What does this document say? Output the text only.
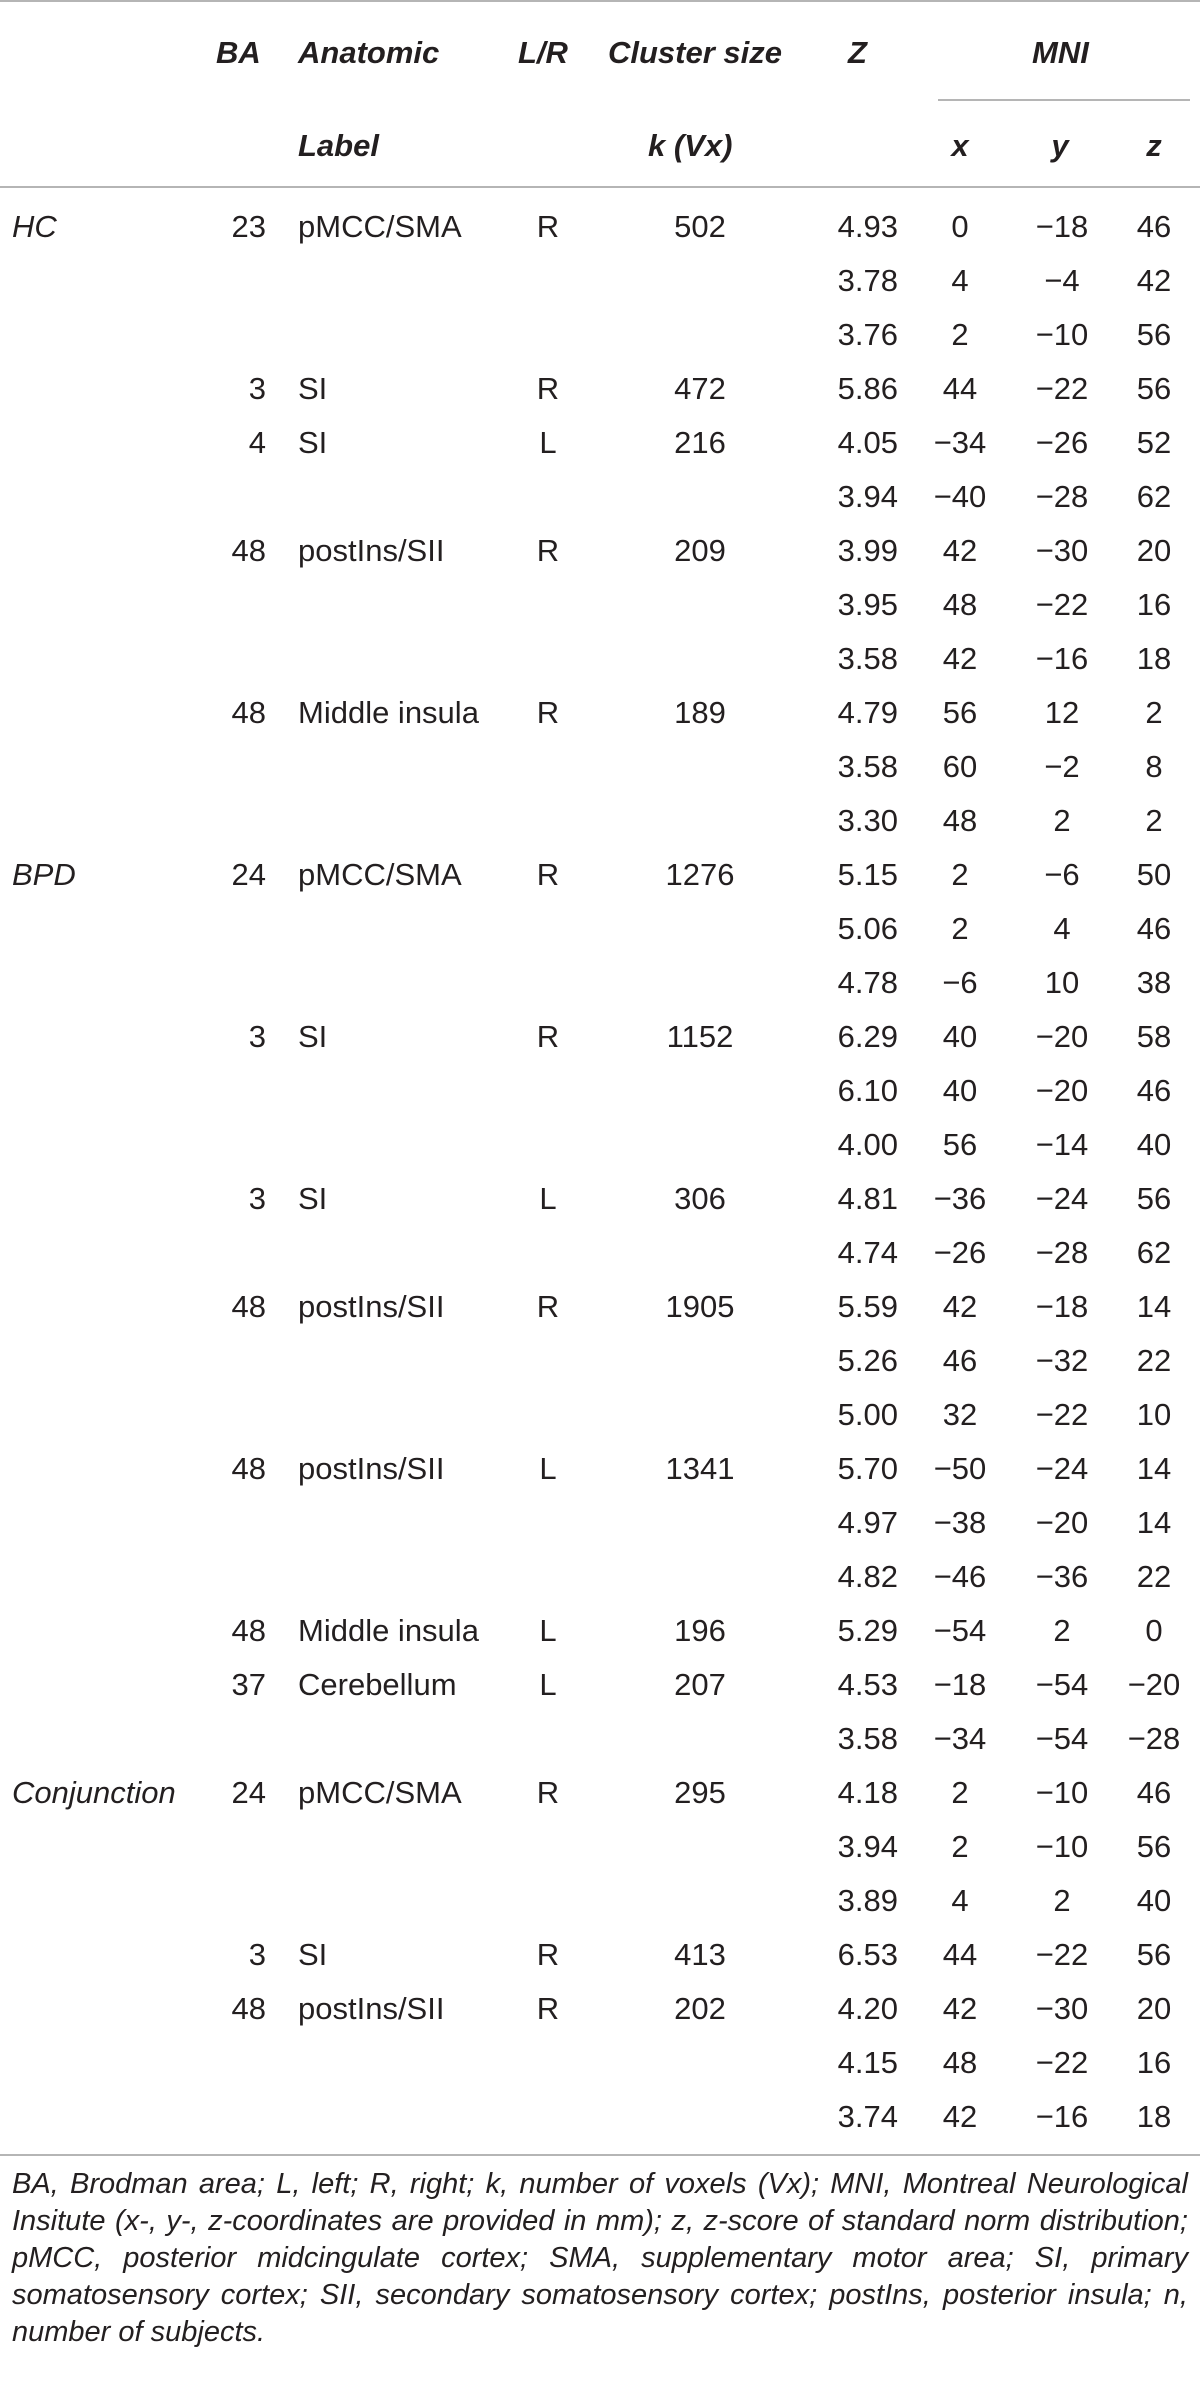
BA Anatomic	L/R Cluster size Z	MNI
Label	k (Vx)	x	y	z
HC	23 pMCC/SMA	R	502	4.93	0	−18	46
3.78	4	−4	42
3.76	2	−10	56
3 SI	R	472	5.86	44	−22	56
4 SI	L	216	4.05	−34	−26	52
3.94	−40	−28	62
48 postIns/SII	R	209	3.99	42	−30	20
3.95	48	−22	16
3.58	42	−16	18
48 Middle insula	R	189	4.79	56	12	2
3.58	60	−2	8
3.30	48	2	2
BPD	24 pMCC/SMA	R	1276	5.15	2	−6	50
5.06	2	4	46
4.78	−6	10	38
3 SI	R	1152	6.29	40	−20	58
6.10	40	−20	46
4.00	56	−14	40
3 SI	L	306	4.81	−36	−24	56
4.74	−26	−28	62
48 postIns/SII	R	1905	5.59	42	−18	14
5.26	46	−32	22
5.00	32	−22	10
48 postIns/SII	L	1341	5.70	−50	−24	14
4.97	−38	−20	14
4.82	−46	−36	22
48 Middle insula	L	196	5.29	−54	2	0
37 Cerebellum	L	207	4.53	−18	−54	−20
3.58	−34	−54	−28
Conjunction	24 pMCC/SMA	R	295	4.18	2	−10	46
3.94	2	−10	56
3.89	4	2	40
3 SI	R	413	6.53	44	−22	56
48 postIns/SII	R	202	4.20	42	−30	20
4.15	48	−22	16
3.74	42	−16	18
BA, Brodman area; L, left; R, right; k, number of voxels (Vx); MNI, Montreal Neurological Insitute (x-, y-, z-coordinates are provided in mm); z, z-score of standard norm distribution; pMCC, posterior midcingulate cortex; SMA, supplementary motor area; SI, primary somatosensory cortex; SII, secondary somatosensory cortex; postIns, posterior insula; n, number of subjects.
